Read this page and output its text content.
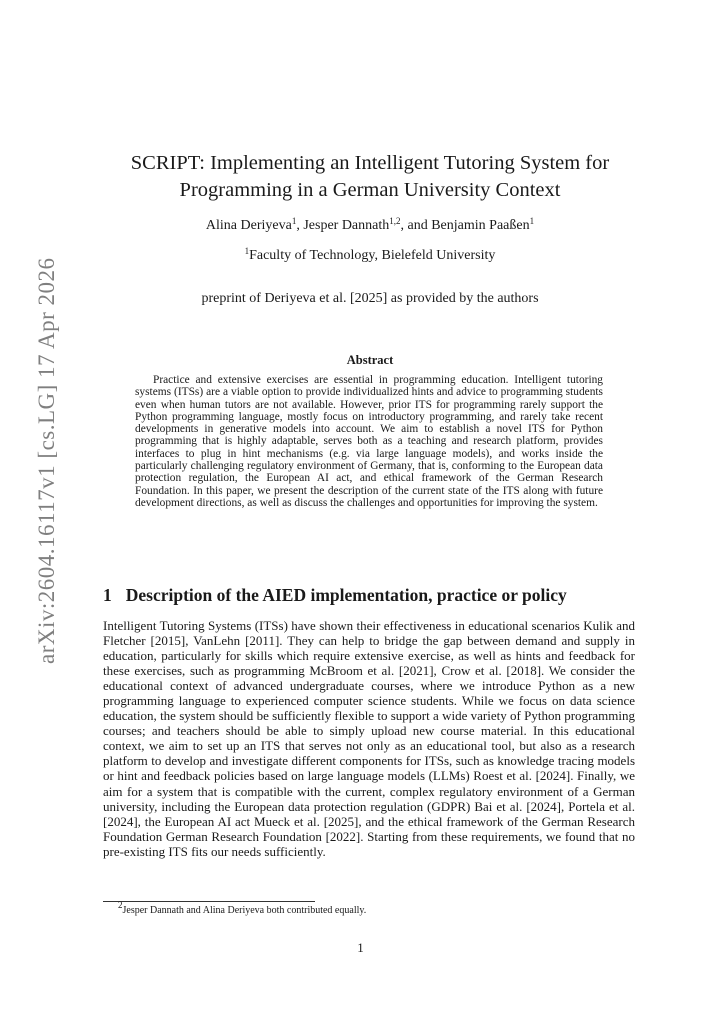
arXiv:2604.16117v1 [cs.LG] 17 Apr 2026
SCRIPT: Implementing an Intelligent Tutoring System for
Programming in a German University Context
Alina Deriyeva$^1$, Jesper Dannath$^{1,2}$, and Benjamin Paaßen$^1$
$^1$Faculty of Technology, Bielefeld University
preprint of Deriyeva et al. [2025] as provided by the authors
Abstract

Practice and extensive exercises are essential in programming education. Intelligent tutoring systems (ITSs) are a viable option to provide individualized hints and advice to programming students even when human tutors are not available. However, prior ITS for programming rarely support the Python programming language, mostly focus on introductory programming, and rarely take recent developments in generative models into account. We aim to establish a novel ITS for Python programming that is highly adaptable, serves both as a teaching and research platform, provides interfaces to plug in hint mechanisms (e.g. via large language models), and works inside the particularly challenging regulatory environment of Germany, that is, conforming to the European data protection regulation, the European AI act, and ethical framework of the German Research Foundation. In this paper, we present the description of the current state of the ITS along with future development directions, as well as discuss the challenges and opportunities for improving the system.

1 Description of the AIED implementation, practice or policy

Intelligent Tutoring Systems (ITSs) have shown their effectiveness in educational scenarios Kulik and Fletcher [2015], VanLehn [2011]. They can help to bridge the gap between demand and supply in education, particularly for skills which require extensive exercise, as well as hints and feedback for these exercises, such as programming McBroom et al. [2021], Crow et al. [2018]. We consider the educational context of advanced undergraduate courses, where we introduce Python as a new programming language to experienced computer science students. While we focus on data science education, the system should be sufficiently flexible to support a wide variety of Python programming courses; and teachers should be able to simply upload new course material. In this educational context, we aim to set up an ITS that serves not only as an educational tool, but also as a research platform to develop and investigate different components for ITSs, such as knowledge tracing models or hint and feedback policies based on large language models (LLMs) Roest et al. [2024]. Finally, we aim for a system that is compatible with the current, complex regulatory environment of a German university, including the European data protection regulation (GDPR) Bai et al. [2024], Portela et al. [2024], the European AI act Mueck et al. [2025], and the ethical framework of the German Research Foundation German Research Foundation [2022]. Starting from these requirements, we found that no pre-existing ITS fits our needs sufficiently.

$^2$Jesper Dannath and Alina Deriyeva both contributed equally.
1
